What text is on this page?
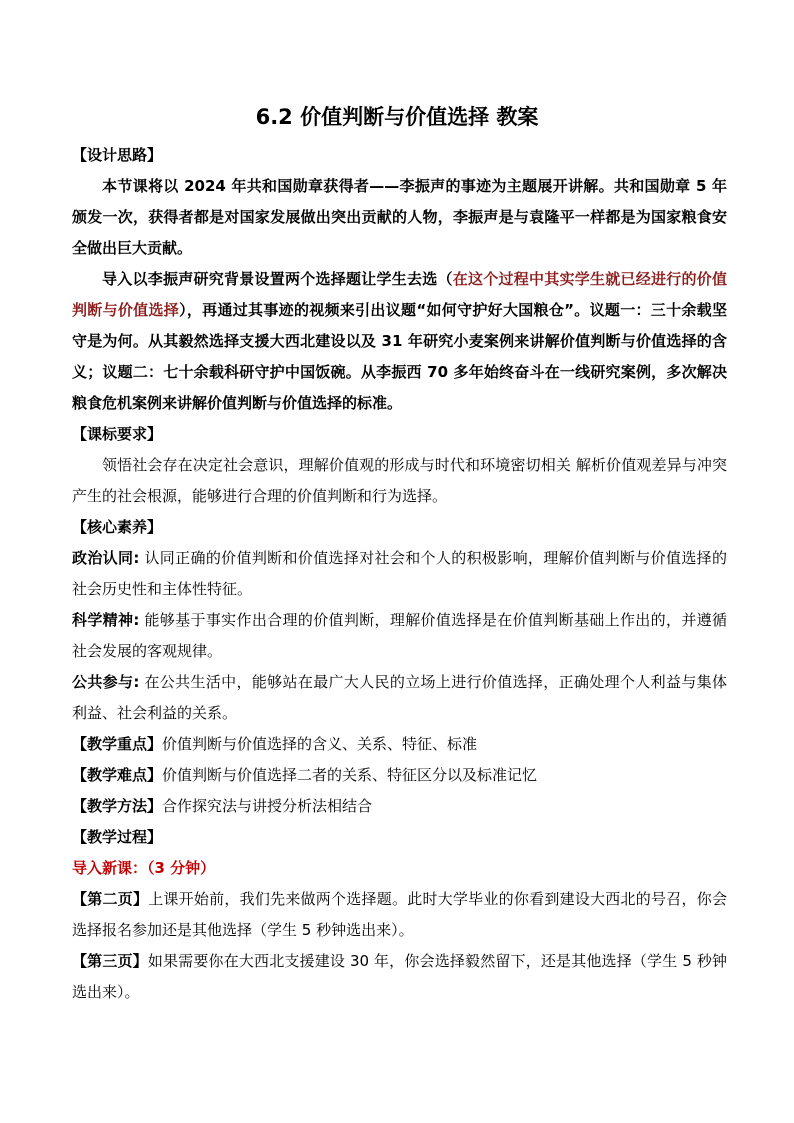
6.2 价值判断与价值选择 教案

【设计思路】

本节课将以 2024 年共和国勋章获得者——李振声的事迹为主题展开讲解。共和国勋章 5 年颁发一次，获得者都是对国家发展做出突出贡献的人物，李振声是与袁隆平一样都是为国家粮食安全做出巨大贡献。

导入以李振声研究背景设置两个选择题让学生去选（在这个过程中其实学生就已经进行的价值判断与价值选择），再通过其事迹的视频来引出议题“如何守护好大国粮仓”。议题一：三十余载坚守是为何。从其毅然选择支援大西北建设以及 31 年研究小麦案例来讲解价值判断与价值选择的含义；议题二：七十余载科研守护中国饭碗。从李振西 70 多年始终奋斗在一线研究案例，多次解决粮食危机案例来讲解价值判断与价值选择的标准。

【课标要求】

领悟社会存在决定社会意识，理解价值观的形成与时代和环境密切相关 解析价值观差异与冲突产生的社会根源，能够进行合理的价值判断和行为选择。

【核心素养】

政治认同: 认同正确的价值判断和价值选择对社会和个人的积极影响，理解价值判断与价值选择的社会历史性和主体性特征。

科学精神: 能够基于事实作出合理的价值判断，理解价值选择是在价值判断基础上作出的，并遵循社会发展的客观规律。

公共参与: 在公共生活中，能够站在最广大人民的立场上进行价值选择，正确处理个人利益与集体利益、社会利益的关系。

【教学重点】价值判断与价值选择的含义、关系、特征、标准

【教学难点】价值判断与价值选择二者的关系、特征区分以及标准记忆

【教学方法】合作探究法与讲授分析法相结合

【教学过程】

导入新课：（3 分钟）

【第二页】上课开始前，我们先来做两个选择题。此时大学毕业的你看到建设大西北的号召，你会选择报名参加还是其他选择（学生 5 秒钟选出来）。

【第三页】如果需要你在大西北支援建设 30 年，你会选择毅然留下，还是其他选择（学生 5 秒钟选出来）。
